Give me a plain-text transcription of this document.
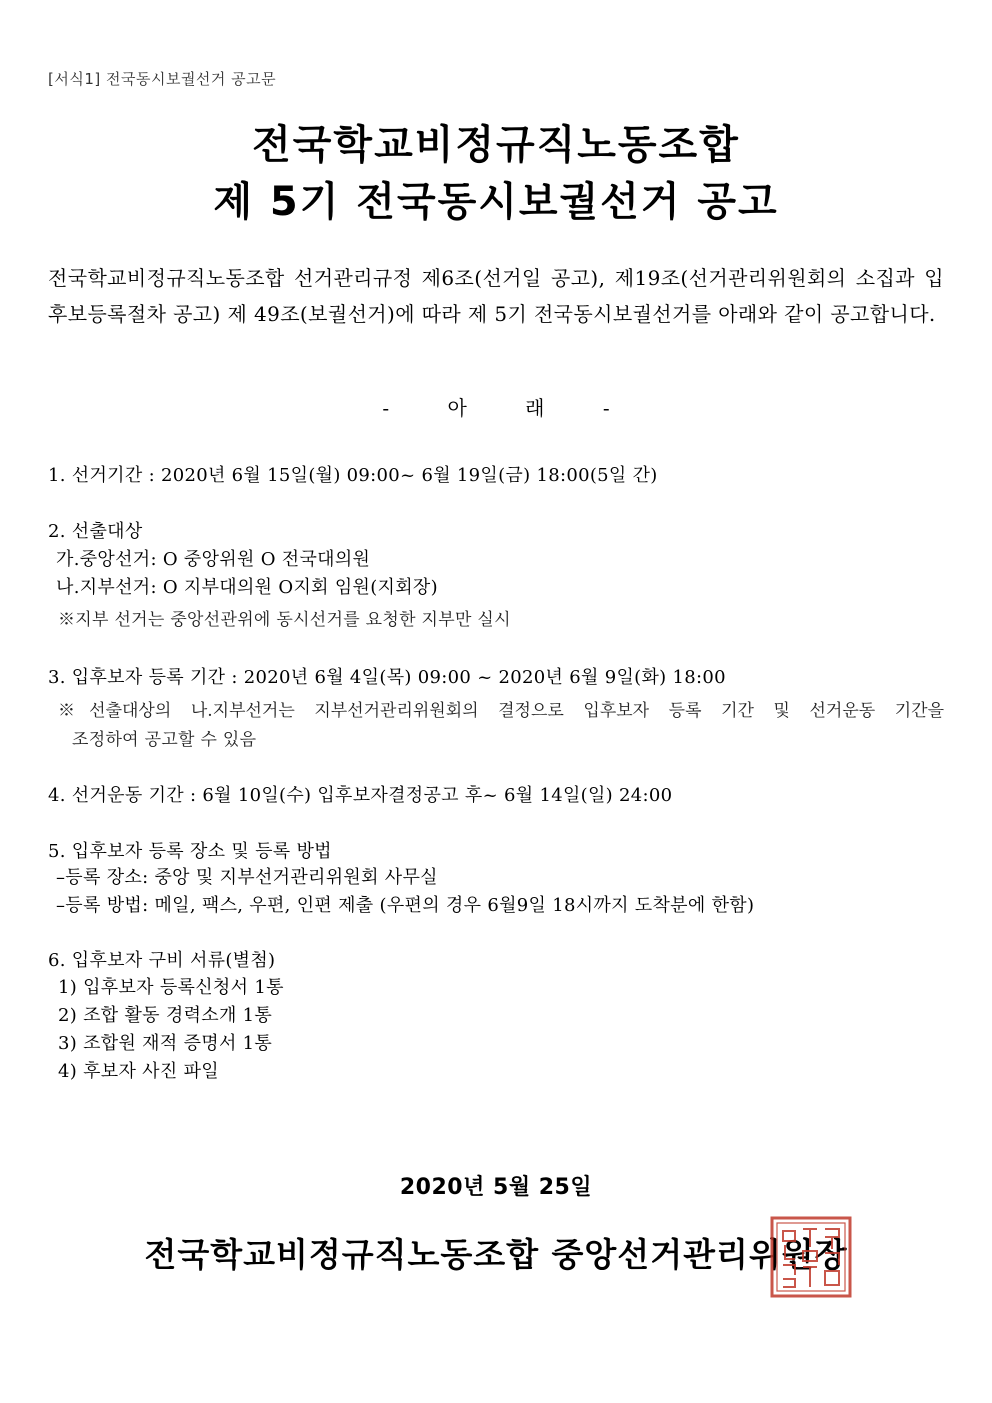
[서식1] 전국동시보궐선거 공고문
전국학교비정규직노동조합
제 5기 전국동시보궐선거 공고
전국학교비정규직노동조합 선거관리규정 제6조(선거일 공고), 제19조(선거관리위원회의 소집과 입후보등록절차 공고) 제 49조(보궐선거)에 따라 제 5기 전국동시보궐선거를 아래와 같이 공고합니다.
- 아 래 -
1. 선거기간 : 2020년 6월 15일(월) 09:00~ 6월 19일(금) 18:00(5일 간)
2. 선출대상
가.중앙선거: O 중앙위원 O 전국대의원
나.지부선거: O 지부대의원 O지회 임원(지회장)
※지부 선거는 중앙선관위에 동시선거를 요청한 지부만 실시
3. 입후보자 등록 기간 : 2020년 6월 4일(목) 09:00 ~ 2020년 6월 9일(화) 18:00
※선출대상의 나.지부선거는 지부선거관리위원회의 결정으로 입후보자 등록 기간 및 선거운동 기간을
조정하여 공고할 수 있음
4. 선거운동 기간 : 6월 10일(수) 입후보자결정공고 후~ 6월 14일(일) 24:00
5. 입후보자 등록 장소 및 등록 방법
–등록 장소: 중앙 및 지부선거관리위원회 사무실
–등록 방법: 메일, 팩스, 우편, 인편 제출 (우편의 경우 6월9일 18시까지 도착분에 한함)
6. 입후보자 구비 서류(별첨)
1) 입후보자 등록신청서 1통
2) 조합 활동 경력소개 1통
3) 조합원 재적 증명서 1통
4) 후보자 사진 파일
2020년 5월 25일
전국학교비정규직노동조합 중앙선거관리위원장
